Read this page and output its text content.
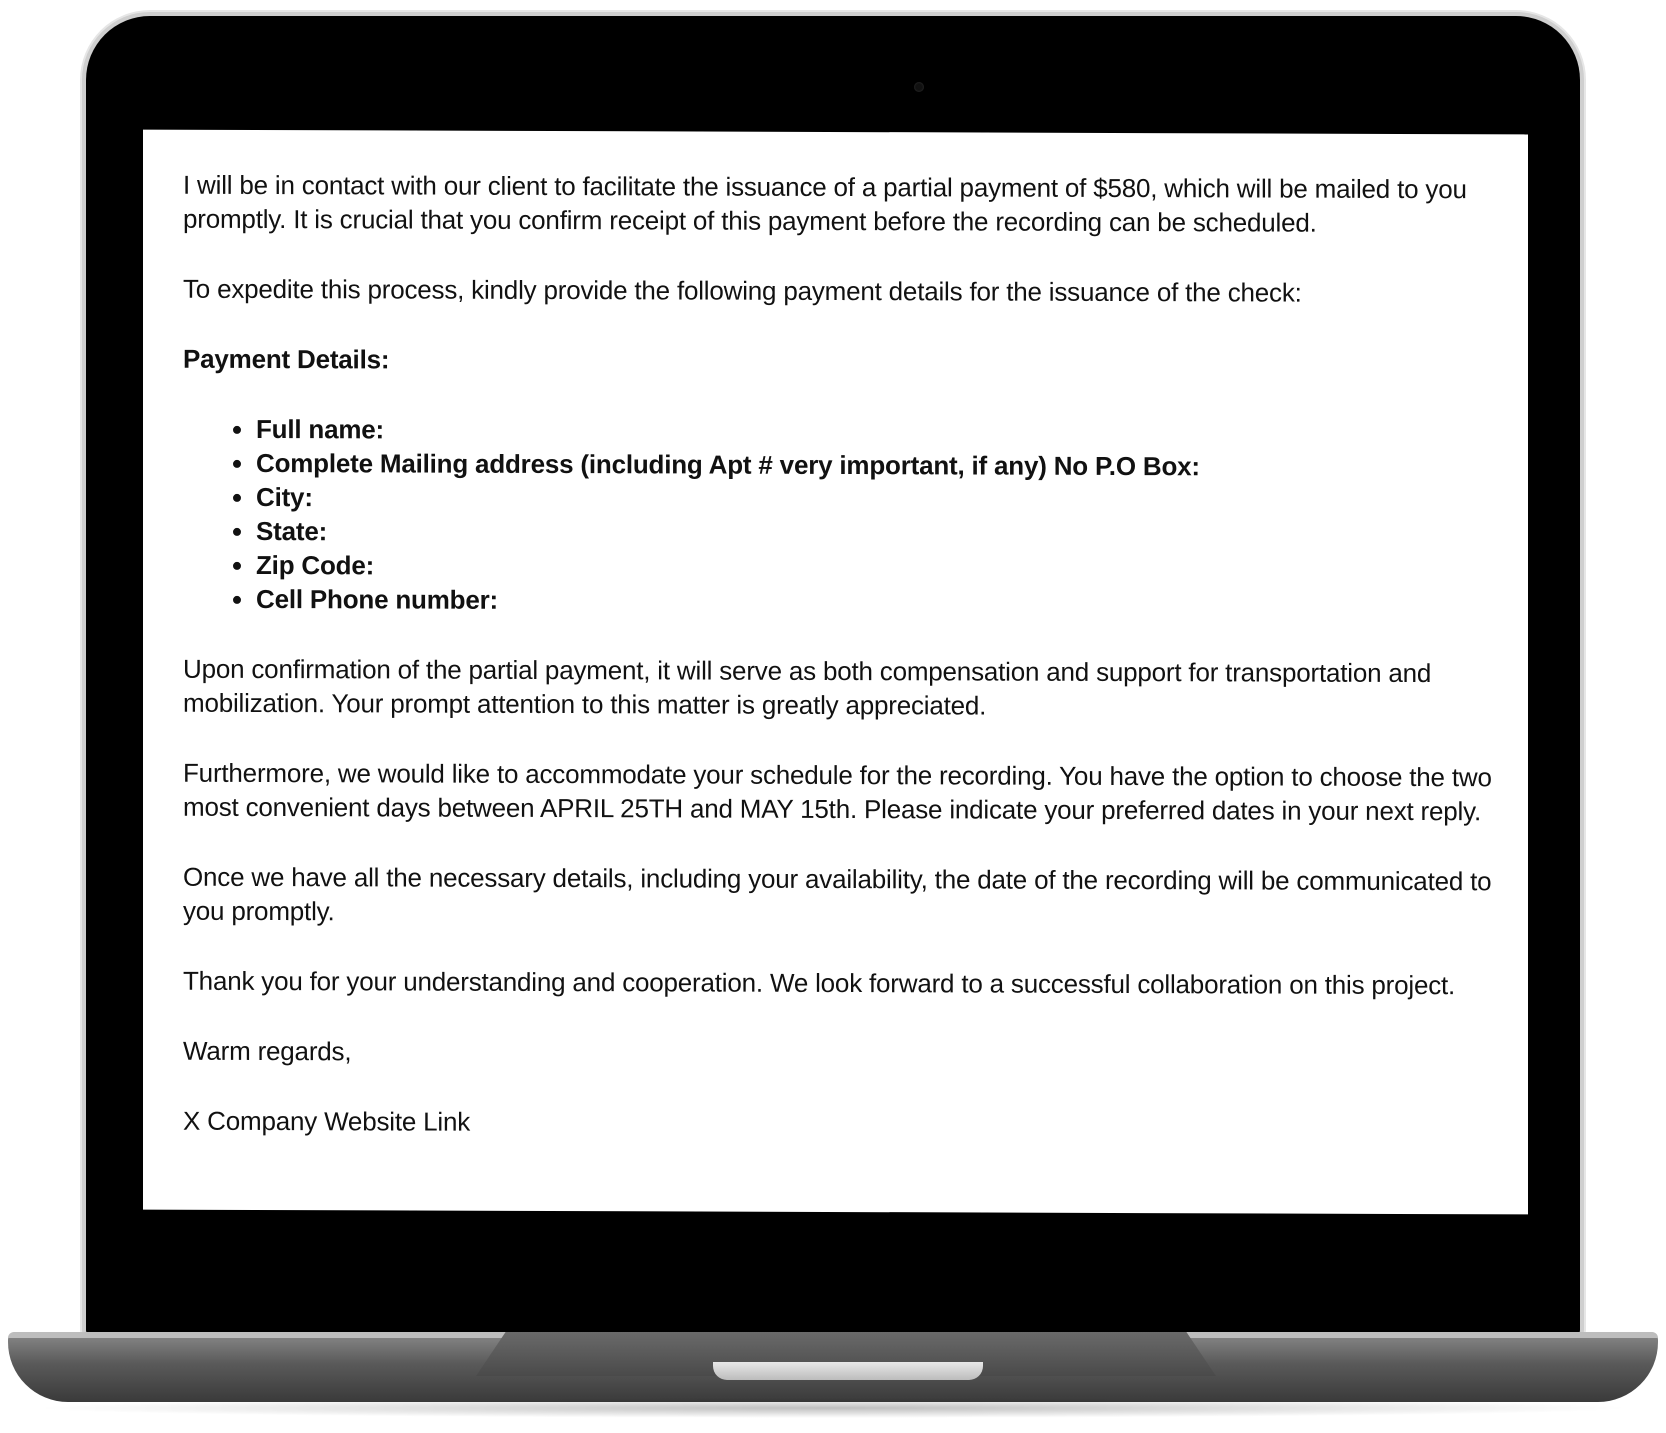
I will be in contact with our client to facilitate the issuance of a partial payment of $580, which will be mailed to you promptly. It is crucial that you confirm receipt of this payment before the recording can be scheduled.

To expedite this process, kindly provide the following payment details for the issuance of the check:

Payment Details:

• Full name:
• Complete Mailing address (including Apt # very important, if any) No P.O Box:
• City:
• State:
• Zip Code:
• Cell Phone number:

Upon confirmation of the partial payment, it will serve as both compensation and support for transportation and mobilization. Your prompt attention to this matter is greatly appreciated.

Furthermore, we would like to accommodate your schedule for the recording. You have the option to choose the two most convenient days between APRIL 25TH and MAY 15th. Please indicate your preferred dates in your next reply.

Once we have all the necessary details, including your availability, the date of the recording will be communicated to you promptly.

Thank you for your understanding and cooperation. We look forward to a successful collaboration on this project.

Warm regards,

X Company Website Link
